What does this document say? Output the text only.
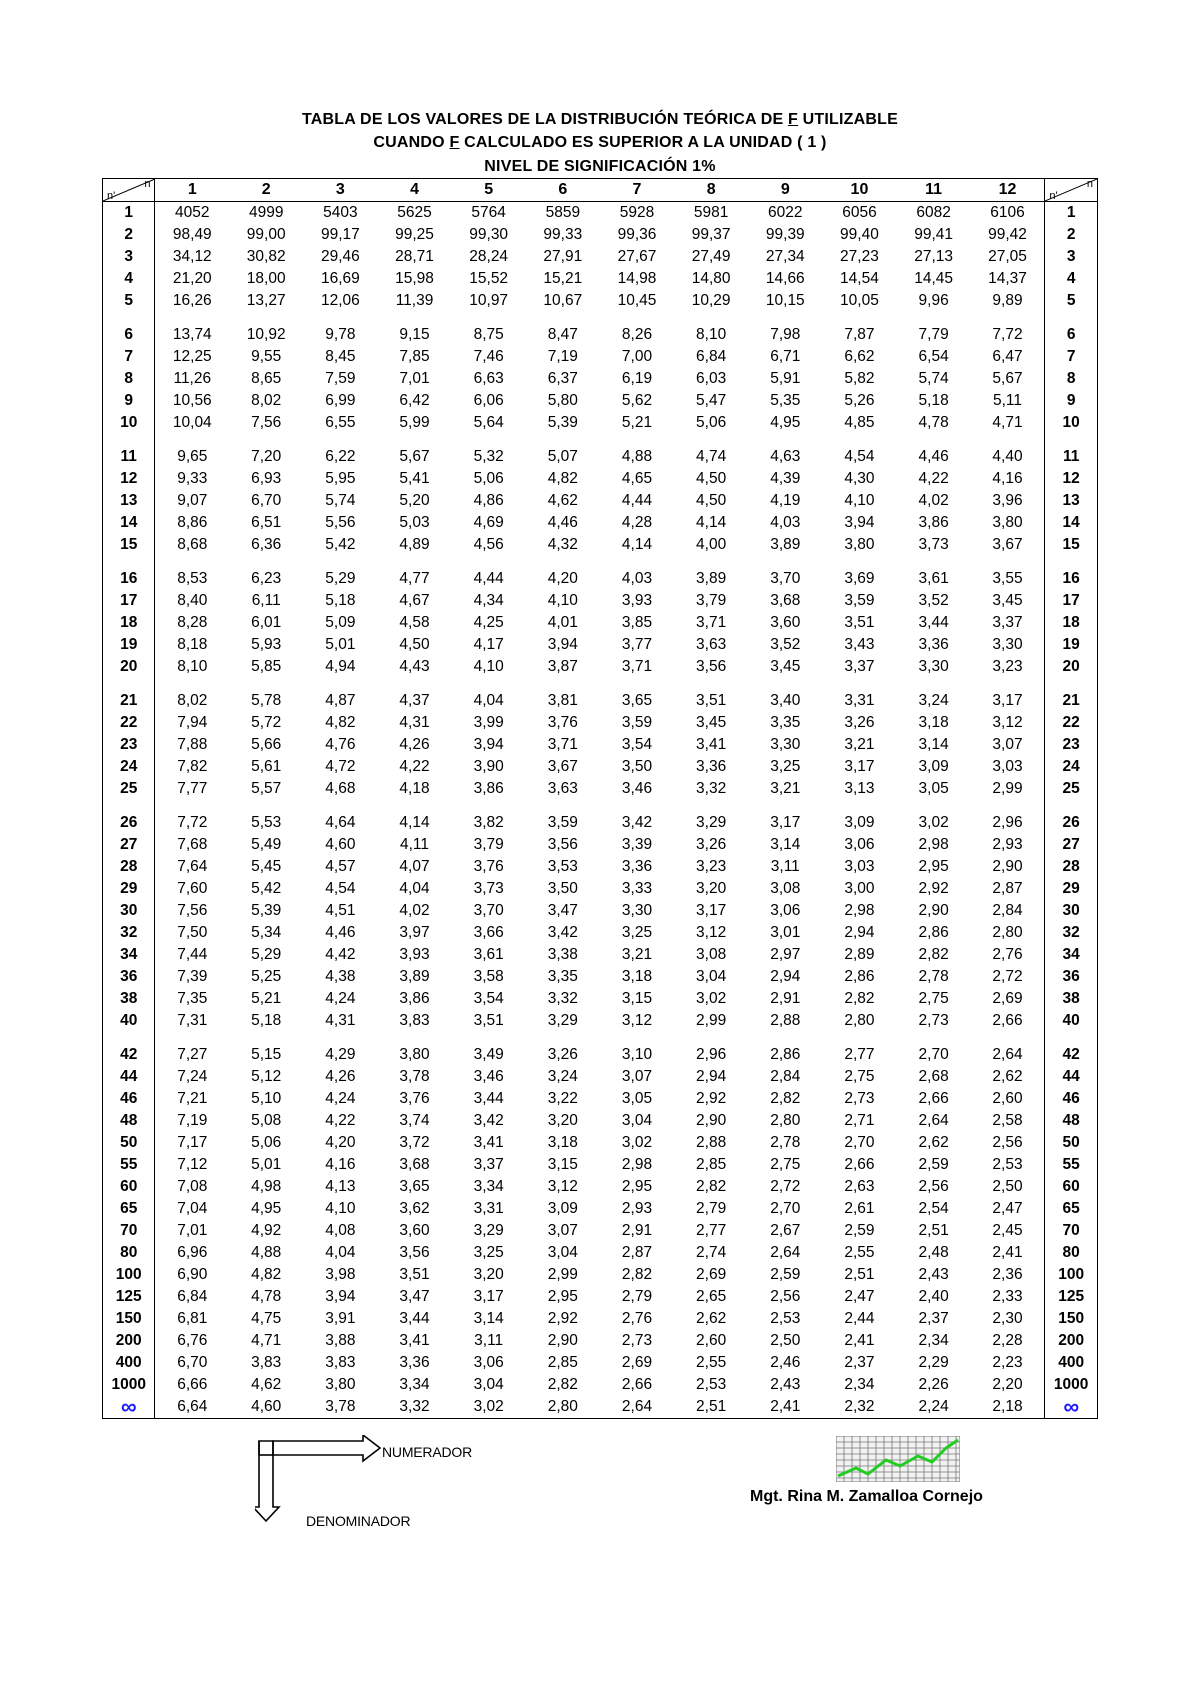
TABLA DE LOS VALORES DE LA DISTRIBUCIÓN TEÓRICA DE F UTILIZABLE
CUANDO F CALCULADO ES SUPERIOR A LA UNIDAD ( 1 )
NIVEL DE SIGNIFICACIÓN 1%
n
n'	1	2	3	4	5	6	7	8	9	10	11	12	n
n'

1	4052	4999	5403	5625	5764	5859	5928	5981	6022	6056	6082	6106	1
2	98,49	99,00	99,17	99,25	99,30	99,33	99,36	99,37	99,39	99,40	99,41	99,42	2
3	34,12	30,82	29,46	28,71	28,24	27,91	27,67	27,49	27,34	27,23	27,13	27,05	3
4	21,20	18,00	16,69	15,98	15,52	15,21	14,98	14,80	14,66	14,54	14,45	14,37	4
5	16,26	13,27	12,06	11,39	10,97	10,67	10,45	10,29	10,15	10,05	9,96	9,89	5
6	13,74	10,92	9,78	9,15	8,75	8,47	8,26	8,10	7,98	7,87	7,79	7,72	6
7	12,25	9,55	8,45	7,85	7,46	7,19	7,00	6,84	6,71	6,62	6,54	6,47	7
8	11,26	8,65	7,59	7,01	6,63	6,37	6,19	6,03	5,91	5,82	5,74	5,67	8
9	10,56	8,02	6,99	6,42	6,06	5,80	5,62	5,47	5,35	5,26	5,18	5,11	9
10	10,04	7,56	6,55	5,99	5,64	5,39	5,21	5,06	4,95	4,85	4,78	4,71	10
11	9,65	7,20	6,22	5,67	5,32	5,07	4,88	4,74	4,63	4,54	4,46	4,40	11
12	9,33	6,93	5,95	5,41	5,06	4,82	4,65	4,50	4,39	4,30	4,22	4,16	12
13	9,07	6,70	5,74	5,20	4,86	4,62	4,44	4,50	4,19	4,10	4,02	3,96	13
14	8,86	6,51	5,56	5,03	4,69	4,46	4,28	4,14	4,03	3,94	3,86	3,80	14
15	8,68	6,36	5,42	4,89	4,56	4,32	4,14	4,00	3,89	3,80	3,73	3,67	15
16	8,53	6,23	5,29	4,77	4,44	4,20	4,03	3,89	3,70	3,69	3,61	3,55	16
17	8,40	6,11	5,18	4,67	4,34	4,10	3,93	3,79	3,68	3,59	3,52	3,45	17
18	8,28	6,01	5,09	4,58	4,25	4,01	3,85	3,71	3,60	3,51	3,44	3,37	18
19	8,18	5,93	5,01	4,50	4,17	3,94	3,77	3,63	3,52	3,43	3,36	3,30	19
20	8,10	5,85	4,94	4,43	4,10	3,87	3,71	3,56	3,45	3,37	3,30	3,23	20
21	8,02	5,78	4,87	4,37	4,04	3,81	3,65	3,51	3,40	3,31	3,24	3,17	21
22	7,94	5,72	4,82	4,31	3,99	3,76	3,59	3,45	3,35	3,26	3,18	3,12	22
23	7,88	5,66	4,76	4,26	3,94	3,71	3,54	3,41	3,30	3,21	3,14	3,07	23
24	7,82	5,61	4,72	4,22	3,90	3,67	3,50	3,36	3,25	3,17	3,09	3,03	24
25	7,77	5,57	4,68	4,18	3,86	3,63	3,46	3,32	3,21	3,13	3,05	2,99	25
26	7,72	5,53	4,64	4,14	3,82	3,59	3,42	3,29	3,17	3,09	3,02	2,96	26
27	7,68	5,49	4,60	4,11	3,79	3,56	3,39	3,26	3,14	3,06	2,98	2,93	27
28	7,64	5,45	4,57	4,07	3,76	3,53	3,36	3,23	3,11	3,03	2,95	2,90	28
29	7,60	5,42	4,54	4,04	3,73	3,50	3,33	3,20	3,08	3,00	2,92	2,87	29
30	7,56	5,39	4,51	4,02	3,70	3,47	3,30	3,17	3,06	2,98	2,90	2,84	30
32	7,50	5,34	4,46	3,97	3,66	3,42	3,25	3,12	3,01	2,94	2,86	2,80	32
34	7,44	5,29	4,42	3,93	3,61	3,38	3,21	3,08	2,97	2,89	2,82	2,76	34
36	7,39	5,25	4,38	3,89	3,58	3,35	3,18	3,04	2,94	2,86	2,78	2,72	36
38	7,35	5,21	4,24	3,86	3,54	3,32	3,15	3,02	2,91	2,82	2,75	2,69	38
40	7,31	5,18	4,31	3,83	3,51	3,29	3,12	2,99	2,88	2,80	2,73	2,66	40
42	7,27	5,15	4,29	3,80	3,49	3,26	3,10	2,96	2,86	2,77	2,70	2,64	42
44	7,24	5,12	4,26	3,78	3,46	3,24	3,07	2,94	2,84	2,75	2,68	2,62	44
46	7,21	5,10	4,24	3,76	3,44	3,22	3,05	2,92	2,82	2,73	2,66	2,60	46
48	7,19	5,08	4,22	3,74	3,42	3,20	3,04	2,90	2,80	2,71	2,64	2,58	48
50	7,17	5,06	4,20	3,72	3,41	3,18	3,02	2,88	2,78	2,70	2,62	2,56	50
55	7,12	5,01	4,16	3,68	3,37	3,15	2,98	2,85	2,75	2,66	2,59	2,53	55
60	7,08	4,98	4,13	3,65	3,34	3,12	2,95	2,82	2,72	2,63	2,56	2,50	60
65	7,04	4,95	4,10	3,62	3,31	3,09	2,93	2,79	2,70	2,61	2,54	2,47	65
70	7,01	4,92	4,08	3,60	3,29	3,07	2,91	2,77	2,67	2,59	2,51	2,45	70
80	6,96	4,88	4,04	3,56	3,25	3,04	2,87	2,74	2,64	2,55	2,48	2,41	80
100	6,90	4,82	3,98	3,51	3,20	2,99	2,82	2,69	2,59	2,51	2,43	2,36	100
125	6,84	4,78	3,94	3,47	3,17	2,95	2,79	2,65	2,56	2,47	2,40	2,33	125
150	6,81	4,75	3,91	3,44	3,14	2,92	2,76	2,62	2,53	2,44	2,37	2,30	150
200	6,76	4,71	3,88	3,41	3,11	2,90	2,73	2,60	2,50	2,41	2,34	2,28	200
400	6,70	3,83	3,83	3,36	3,06	2,85	2,69	2,55	2,46	2,37	2,29	2,23	400
1000	6,66	4,62	3,80	3,34	3,04	2,82	2,66	2,53	2,43	2,34	2,26	2,20	1000
∞	6,64	4,60	3,78	3,32	3,02	2,80	2,64	2,51	2,41	2,32	2,24	2,18	∞
NUMERADOR
DENOMINADOR
Mgt. Rina M. Zamalloa Cornejo
